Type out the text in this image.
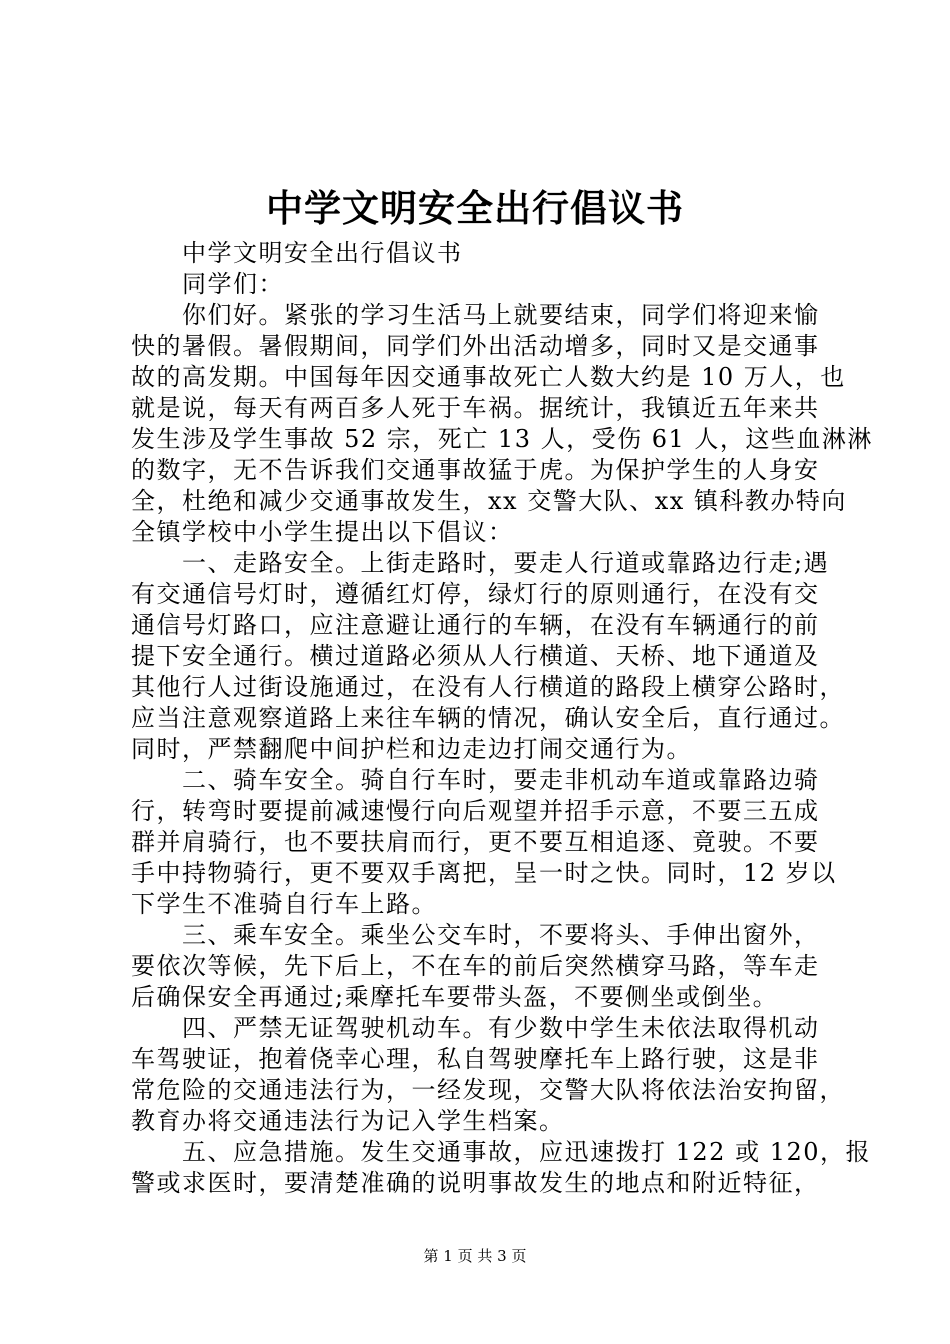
中学文明安全出行倡议书
　　中学文明安全出行倡议书
　　同学们：
　　你们好。紧张的学习生活马上就要结束，同学们将迎来愉
快的暑假。暑假期间，同学们外出活动增多，同时又是交通事
故的高发期。中国每年因交通事故死亡人数大约是 10 万人，也
就是说，每天有两百多人死于车祸。据统计，我镇近五年来共
发生涉及学生事故 52 宗，死亡 13 人，受伤 61 人，这些血淋淋
的数字，无不告诉我们交通事故猛于虎。为保护学生的人身安
全，杜绝和减少交通事故发生，xx 交警大队、xx 镇科教办特向
全镇学校中小学生提出以下倡议：
　　一、走路安全。上街走路时，要走人行道或靠路边行走;遇
有交通信号灯时，遵循红灯停，绿灯行的原则通行，在没有交
通信号灯路口，应注意避让通行的车辆，在没有车辆通行的前
提下安全通行。横过道路必须从人行横道、天桥、地下通道及
其他行人过街设施通过，在没有人行横道的路段上横穿公路时，
应当注意观察道路上来往车辆的情况，确认安全后，直行通过。
同时，严禁翻爬中间护栏和边走边打闹交通行为。
　　二、骑车安全。骑自行车时，要走非机动车道或靠路边骑
行，转弯时要提前减速慢行向后观望并招手示意，不要三五成
群并肩骑行，也不要扶肩而行，更不要互相追逐、竟驶。不要
手中持物骑行，更不要双手离把，呈一时之快。同时，12 岁以
下学生不准骑自行车上路。
　　三、乘车安全。乘坐公交车时，不要将头、手伸出窗外，
要依次等候，先下后上，不在车的前后突然横穿马路，等车走
后确保安全再通过;乘摩托车要带头盔，不要侧坐或倒坐。
　　四、严禁无证驾驶机动车。有少数中学生未依法取得机动
车驾驶证，抱着侥幸心理，私自驾驶摩托车上路行驶，这是非
常危险的交通违法行为，一经发现，交警大队将依法治安拘留，
教育办将交通违法行为记入学生档案。
　　五、应急措施。发生交通事故，应迅速拨打 122 或 120，报
警或求医时，要清楚准确的说明事故发生的地点和附近特征，
第 1 页 共 3 页
